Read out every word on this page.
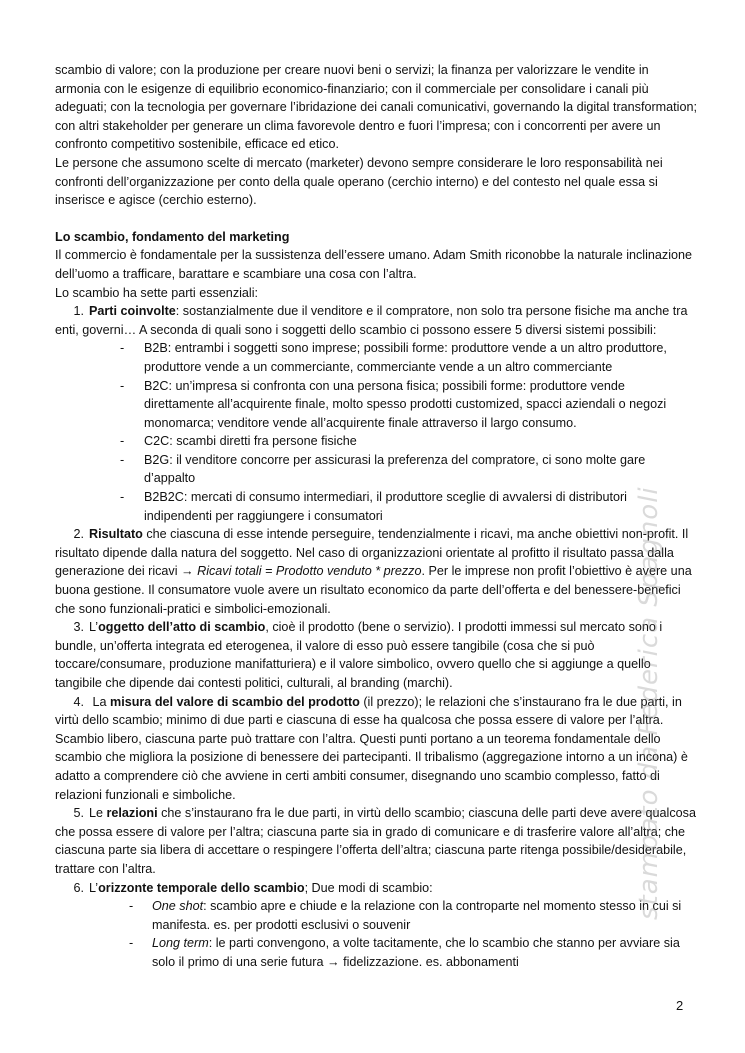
scambio di valore; con la produzione per creare nuovi beni o servizi; la finanza per valorizzare le vendite in armonia con le esigenze di equilibrio economico-finanziario; con il commerciale per consolidare i canali più adeguati; con la tecnologia per governare l’ibridazione dei canali comunicativi, governando la digital transformation; con altri stakeholder per generare un clima favorevole dentro e fuori l’impresa; con i concorrenti per avere un confronto competitivo sostenibile, efficace ed etico.

Le persone che assumono scelte di mercato (marketer) devono sempre considerare le loro responsabilità nei confronti dell’organizzazione per conto della quale operano (cerchio interno) e del contesto nel quale essa si inserisce e agisce (cerchio esterno).

Lo scambio, fondamento del marketing

Il commercio è fondamentale per la sussistenza dell’essere umano. Adam Smith riconobbe la naturale inclinazione dell’uomo a trafficare, barattare e scambiare una cosa con l’altra.

Lo scambio ha sette parti essenziali:

1. Parti coinvolte: sostanzialmente due il venditore e il compratore, non solo tra persone fisiche ma anche tra enti, governi… A seconda di quali sono i soggetti dello scambio ci possono essere 5 diversi sistemi possibili:

- B2B: entrambi i soggetti sono imprese; possibili forme: produttore vende a un altro produttore, produttore vende a un commerciante, commerciante vende a un altro commerciante
- B2C: un’impresa si confronta con una persona fisica; possibili forme: produttore vende direttamente all’acquirente finale, molto spesso prodotti customized, spacci aziendali o negozi monomarca; venditore vende all’acquirente finale attraverso il largo consumo.
- C2C: scambi diretti fra persone fisiche
- B2G: il venditore concorre per assicurasi la preferenza del compratore, ci sono molte gare d’appalto
- B2B2C: mercati di consumo intermediari, il produttore sceglie di avvalersi di distributori indipendenti per raggiungere i consumatori

2. Risultato che ciascuna di esse intende perseguire, tendenzialmente i ricavi, ma anche obiettivi non-profit. Il risultato dipende dalla natura del soggetto. Nel caso di organizzazioni orientate al profitto il risultato passa dalla generazione dei ricavi → Ricavi totali = Prodotto venduto * prezzo. Per le imprese non profit l’obiettivo è avere una buona gestione. Il consumatore vuole avere un risultato economico da parte dell’offerta e del benessere-benefici che sono funzionali-pratici e simbolici-emozionali.

3. L’oggetto dell’atto di scambio, cioè il prodotto (bene o servizio). I prodotti immessi sul mercato sono i bundle, un’offerta integrata ed eterogenea, il valore di esso può essere tangibile (cosa che si può toccare/consumare, produzione manifatturiera) e il valore simbolico, ovvero quello che si aggiunge a quello tangibile che dipende dai contesti politici, culturali, al branding (marchi).

4. La misura del valore di scambio del prodotto (il prezzo); le relazioni che s’instaurano fra le due parti, in virtù dello scambio; minimo di due parti e ciascuna di esse ha qualcosa che possa essere di valore per l’altra. Scambio libero, ciascuna parte può trattare con l’altra. Questi punti portano a un teorema fondamentale dello scambio che migliora la posizione di benessere dei partecipanti. Il tribalismo (aggregazione intorno a un incona) è adatto a comprendere ciò che avviene in certi ambiti consumer, disegnando uno scambio complesso, fatto di relazioni funzionali e simboliche.

5. Le relazioni che s’instaurano fra le due parti, in virtù dello scambio; ciascuna delle parti deve avere qualcosa che possa essere di valore per l’altra; ciascuna parte sia in grado di comunicare e di trasferire valore all’altra; che ciascuna parte sia libera di accettare o respingere l’offerta dell’altra; ciascuna parte ritenga possibile/desiderabile, trattare con l’altra.

6. L’orizzonte temporale dello scambio; Due modi di scambio:

- One shot: scambio apre e chiude e la relazione con la controparte nel momento stesso in cui si manifesta. es. per prodotti esclusivi o souvenir
- Long term: le parti convengono, a volte tacitamente, che lo scambio che stanno per avviare sia solo il primo di una serie futura → fidelizzazione. es. abbonamenti
stampato da Federica Spagnoli
2
